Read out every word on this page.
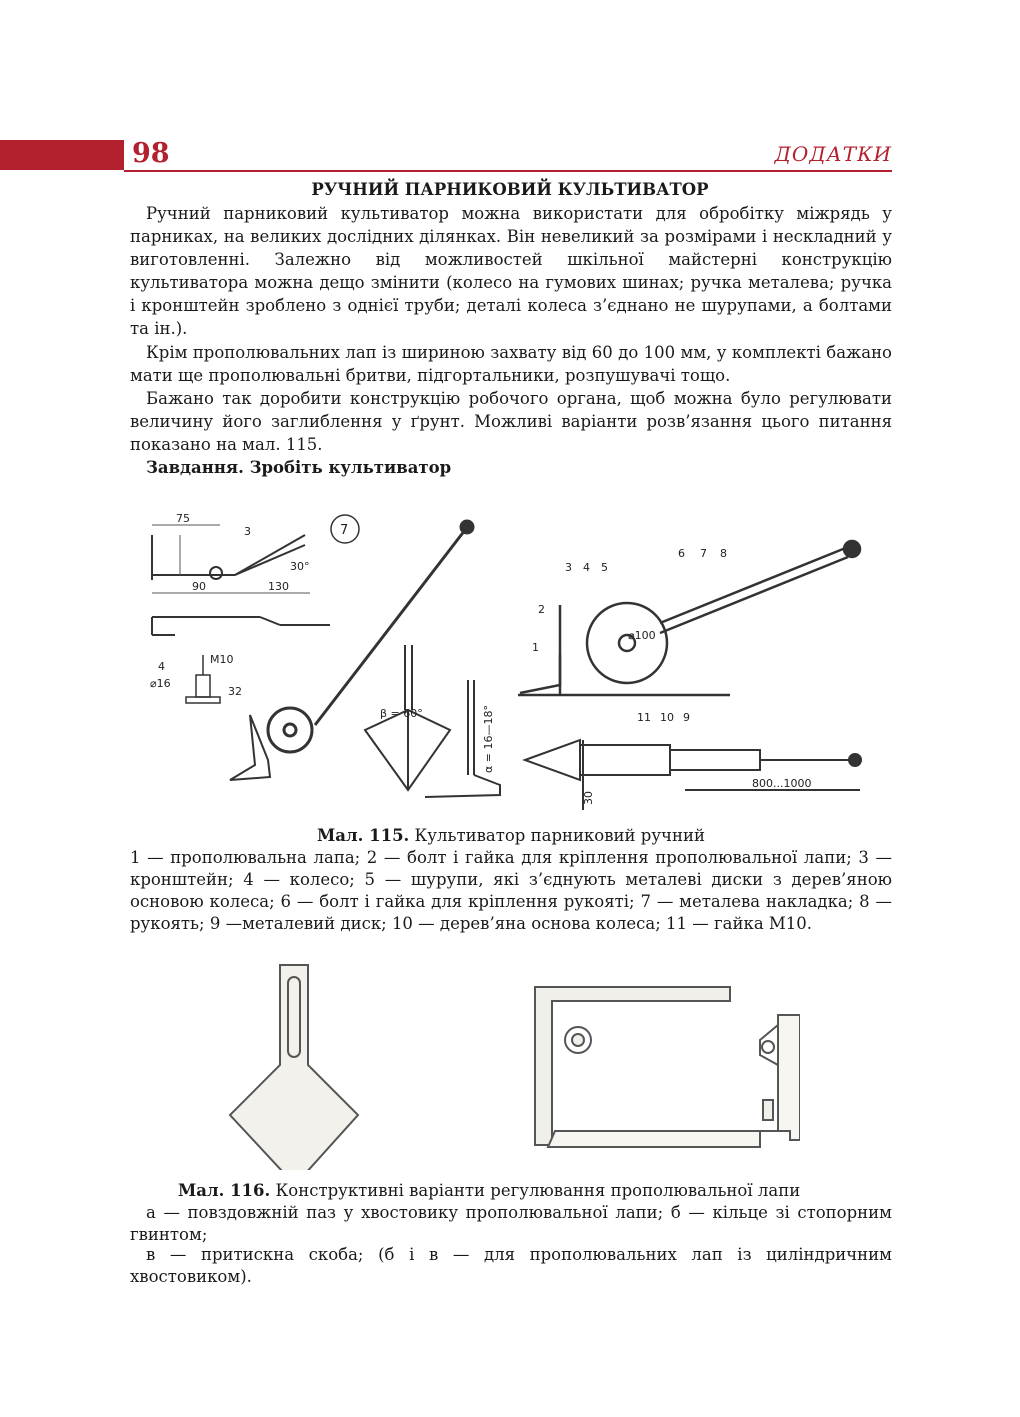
98	ДОДАТКИ
РУЧНИЙ ПАРНИКОВИЙ КУЛЬТИВАТОР
Ручний парниковий культиватор можна використати для обробітку міжрядь у парниках, на великих дослідних ділянках. Він невеликий за розмірами і нескладний у виготовленні. Залежно від можливостей шкільної майстерні конструкцію культиватора можна дещо змінити (колесо на гумових шинах; ручка металева; ручка і кронштейн зроблено з однієї труби; деталі колеса з’єднано не шурупами, а болтами та ін.).
Крім прополювальних лап із шириною захвату від 60 до 100 мм, у комплекті бажано мати ще прополювальні бритви, підгортальники, розпушувачі тощо.
Бажано так доробити конструкцію робочого органа, щоб можна було регулювати величину його заглиблення у ґрунт. Можливі варіанти розв’язання цього питання показано на мал. 115.
Завдання. Зробіть культиватор
7
75
90	130
30°
3
М10
4
⌀16
32
β = 60°	α = 16—18°
3 4 5
6 7 8
2
1
⌀100
11 10 9
30
800...1000
Мал. 115. Культиватор парниковий ручний
1 — прополювальна лапа; 2 — болт і гайка для кріплення прополювальної лапи; 3 — кронштейн; 4 — колесо; 5 — шурупи, які з’єднують металеві диски з дерев’яною основою колеса; 6 — болт і гайка для кріплення рукояті; 7 — металева накладка; 8 — рукоять; 9 —металевий диск; 10 — дерев’яна основа колеса; 11 — гайка М10.
Мал. 116. Конструктивні варіанти регулювання прополювальної лапи
а — повздовжній паз у хвостовику прополювальної лапи; б — кільце зі стопорним гвинтом;
в — притискна скоба; (б і в — для прополювальних лап із циліндричним хвостовиком).
